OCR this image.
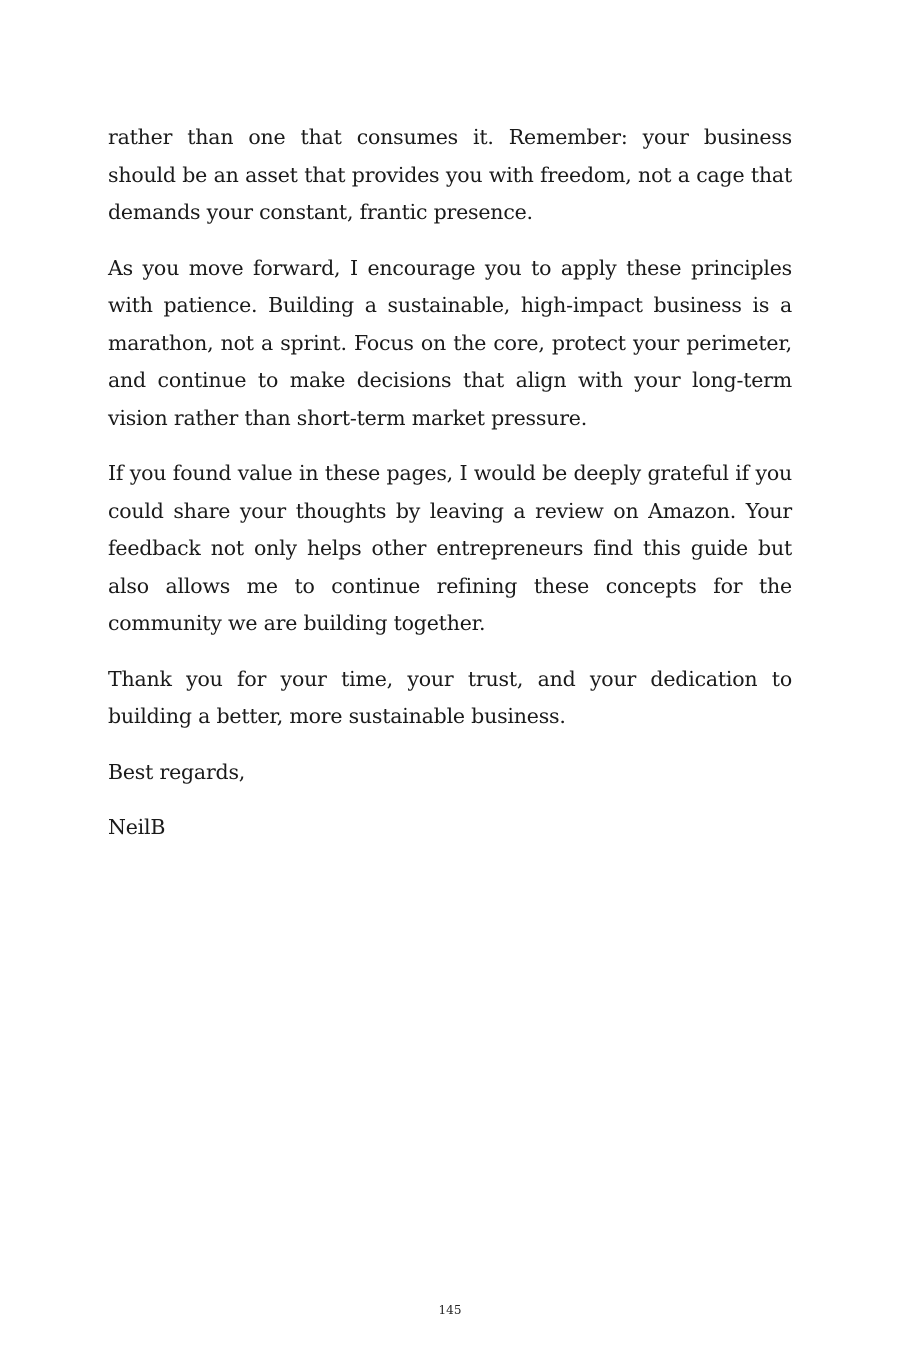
rather than one that consumes it. Remember: your business should be an asset that provides you with freedom, not a cage that demands your constant, frantic presence.

As you move forward, I encourage you to apply these principles with patience. Building a sustainable, high-impact business is a marathon, not a sprint. Focus on the core, protect your perimeter, and continue to make decisions that align with your long-term vision rather than short-term market pressure.

If you found value in these pages, I would be deeply grateful if you could share your thoughts by leaving a review on Amazon. Your feedback not only helps other entrepreneurs find this guide but also allows me to continue refining these concepts for the community we are building together.

Thank you for your time, your trust, and your dedication to building a better, more sustainable business.

Best regards,

NeilB

145
